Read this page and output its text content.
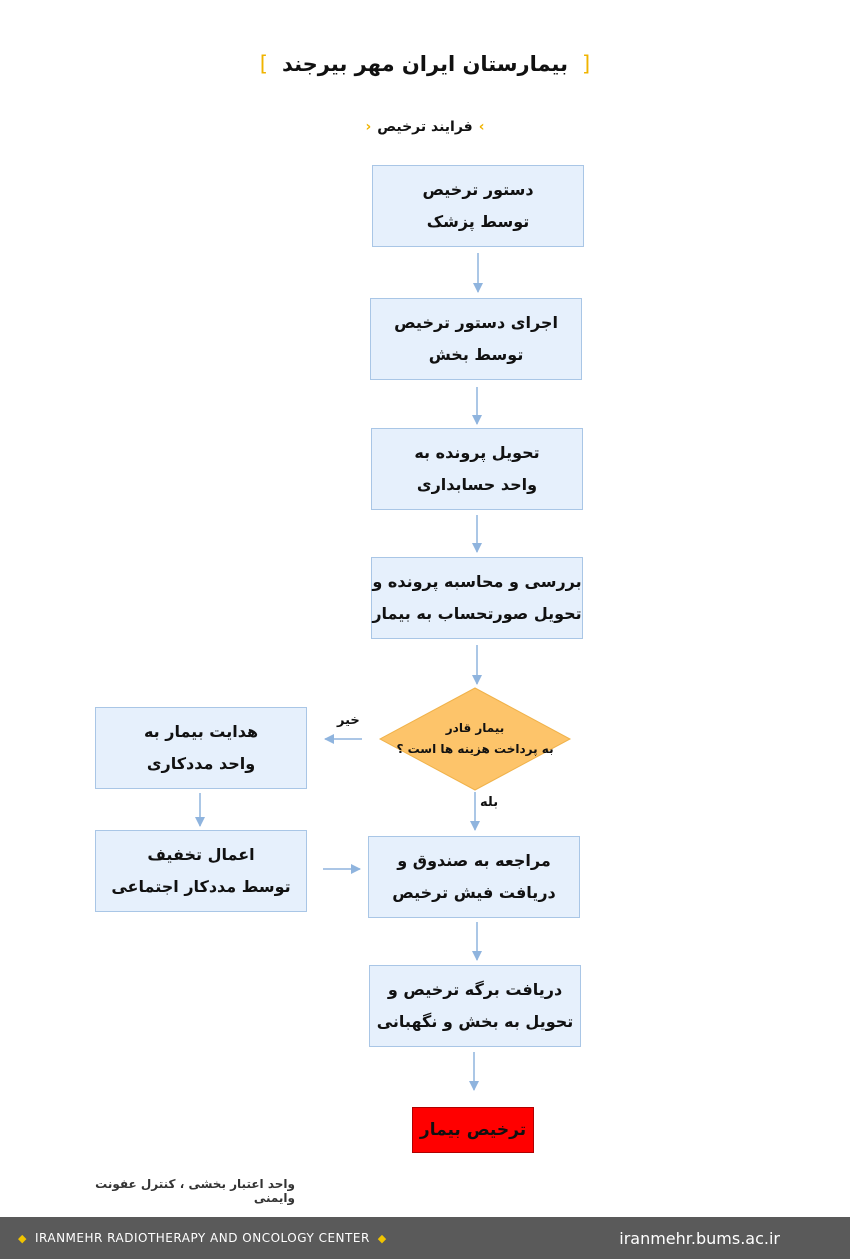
[بیمارستان ایران مهر بیرجند]
›فرایند ترخیص‹
دستور ترخیص
توسط پزشک
اجرای دستور ترخیص
توسط بخش
تحویل پرونده به
واحد حسابداری
بررسی و محاسبه پرونده و
تحویل صورتحساب به بیمار
بیمار قادر
به پرداخت هزینه ها است ؟
خیر
بله
هدایت بیمار به
واحد مددکاری
اعمال تخفیف
توسط مددکار اجتماعی
مراجعه به صندوق و
دریافت فیش ترخیص
دریافت برگه ترخیص و
تحویل به بخش و نگهبانی
ترخیص بیمار
واحد اعتبار بخشی ، کنترل عفونت وایمنی
◆ IRANMEHR RADIOTHERAPY AND ONCOLOGY CENTER ◆	iranmehr.bums.ac.ir
